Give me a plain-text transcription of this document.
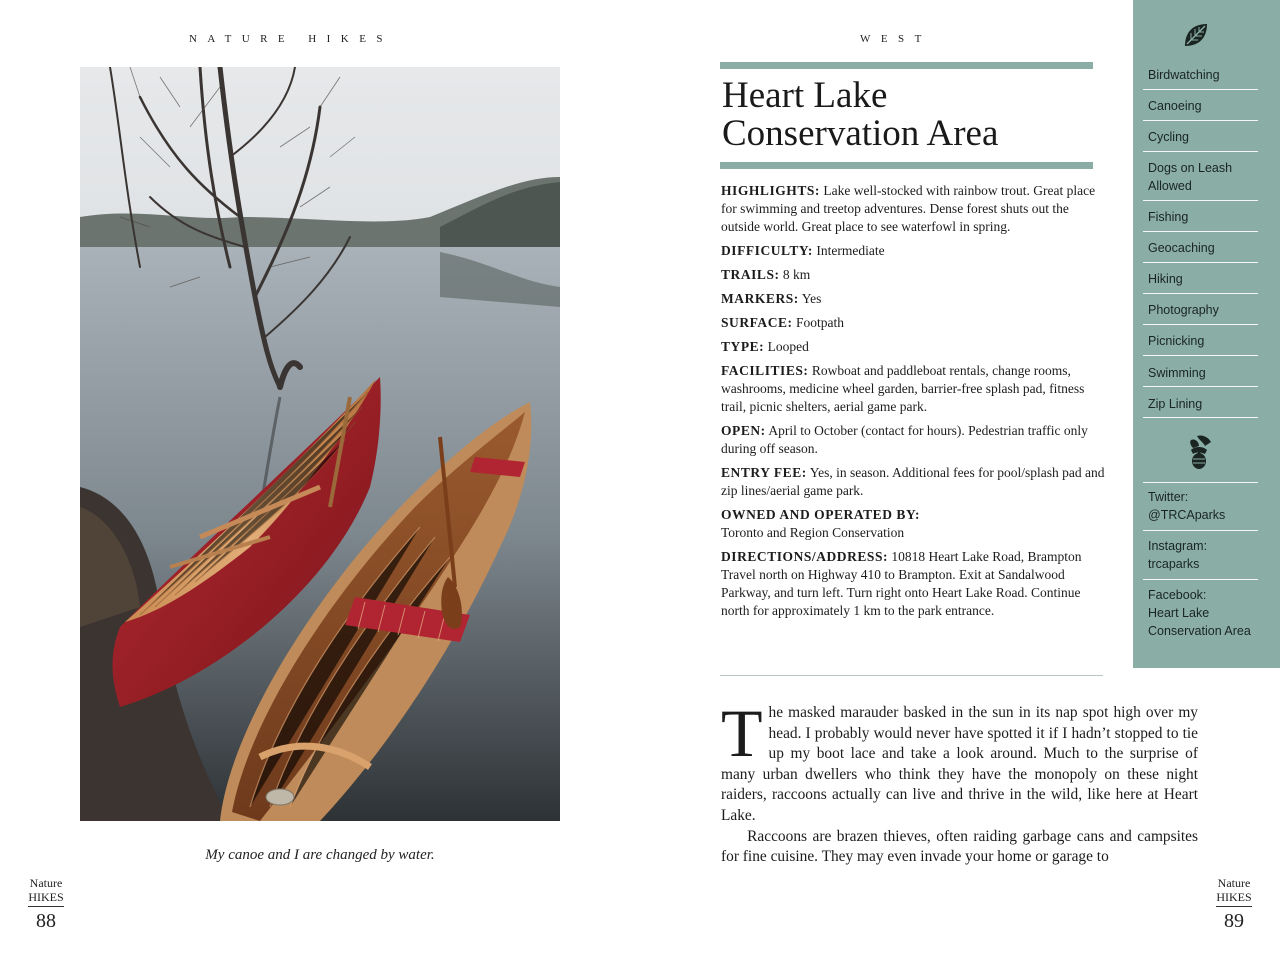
NATURE HIKES	WEST
My canoe and I are changed by water.
Nature
HIKES
88
Heart Lake
Conservation Area

HIGHLIGHTS: Lake well-stocked with rainbow trout. Great place for swimming and treetop adventures. Dense forest shuts out the outside world. Great place to see waterfowl in spring.

DIFFICULTY: Intermediate

TRAILS: 8 km

MARKERS: Yes

SURFACE: Footpath

TYPE: Looped

FACILITIES: Rowboat and paddleboat rentals, change rooms, washrooms, medicine wheel garden, barrier-free splash pad, fitness trail, picnic shelters, aerial game park.

OPEN: April to October (contact for hours). Pedestrian traffic only during off season.

ENTRY FEE: Yes, in season. Additional fees for pool/splash pad and zip lines/aerial game park.

OWNED AND OPERATED BY:
Toronto and Region Conservation

DIRECTIONS/ADDRESS: 10818 Heart Lake Road, Brampton Travel north on Highway 410 to Brampton. Exit at Sandalwood Parkway, and turn left. Turn right onto Heart Lake Road. Continue north for approximately 1 km to the park entrance.

Birdwatching
Canoeing
Cycling
Dogs on Leash Allowed
Fishing
Geocaching
Hiking
Photography
Picnicking
Swimming
Zip Lining
Twitter:
@TRCAparks
Instagram:
trcaparks
Facebook:
Heart Lake Conservation Area
T he masked marauder basked in the sun in its nap spot high over my head. I probably would never have spotted it if I hadn’t stopped to tie up my boot lace and take a look around. Much to the surprise of many urban dwellers who think they have the monopoly on these night raiders, raccoons actually can live and thrive in the wild, like here at Heart Lake.

Raccoons are brazen thieves, often raiding garbage cans and campsites for fine cuisine. They may even invade your home or garage to

Nature
HIKES
89
